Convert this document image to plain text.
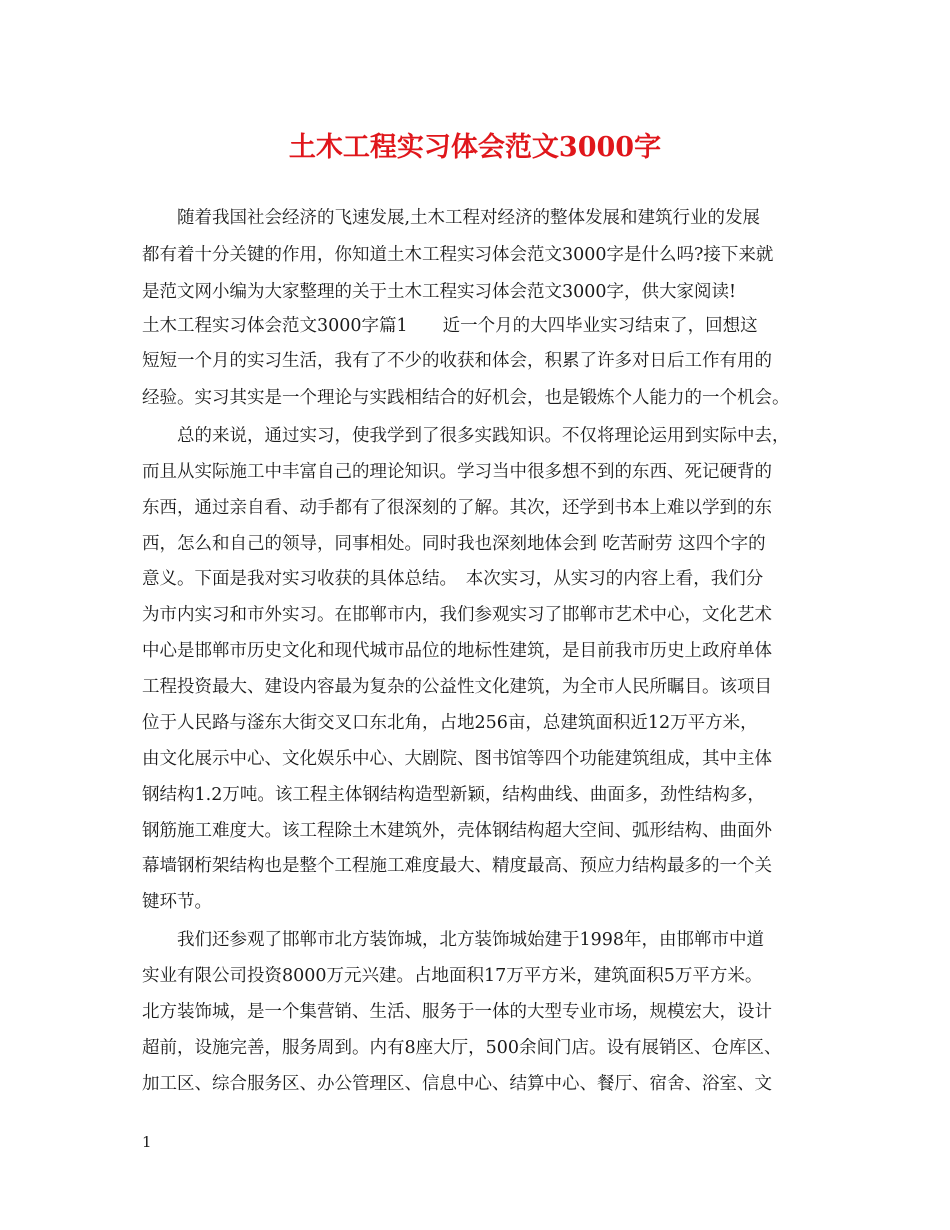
土木工程实习体会范文3000字

随着我国社会经济的飞速发展,土木工程对经济的整体发展和建筑行业的发展

都有着十分关键的作用，你知道土木工程实习体会范文3000字是什么吗?接下来就

是范文网小编为大家整理的关于土木工程实习体会范文3000字，供大家阅读!

土木工程实习体会范文3000字篇1　　近一个月的大四毕业实习结束了，回想这

短短一个月的实习生活，我有了不少的收获和体会，积累了许多对日后工作有用的

经验。实习其实是一个理论与实践相结合的好机会，也是锻炼个人能力的一个机会。

总的来说，通过实习，使我学到了很多实践知识。不仅将理论运用到实际中去，

而且从实际施工中丰富自己的理论知识。学习当中很多想不到的东西、死记硬背的

东西，通过亲自看、动手都有了很深刻的了解。其次，还学到书本上难以学到的东

西，怎么和自己的领导，同事相处。同时我也深刻地体会到 吃苦耐劳 这四个字的

意义。下面是我对实习收获的具体总结。　本次实习，从实习的内容上看，我们分

为市内实习和市外实习。在邯郸市内，我们参观实习了邯郸市艺术中心，文化艺术

中心是邯郸市历史文化和现代城市品位的地标性建筑，是目前我市历史上政府单体

工程投资最大、建设内容最为复杂的公益性文化建筑，为全市人民所瞩目。该项目

位于人民路与滏东大街交叉口东北角，占地256亩，总建筑面积近12万平方米，

由文化展示中心、文化娱乐中心、大剧院、图书馆等四个功能建筑组成，其中主体

钢结构1.2万吨。该工程主体钢结构造型新颖，结构曲线、曲面多，劲性结构多，

钢筋施工难度大。该工程除土木建筑外，壳体钢结构超大空间、弧形结构、曲面外

幕墙钢桁架结构也是整个工程施工难度最大、精度最高、预应力结构最多的一个关

键环节。

我们还参观了邯郸市北方装饰城，北方装饰城始建于1998年，由邯郸市中道

实业有限公司投资8000万元兴建。占地面积17万平方米，建筑面积5万平方米。

北方装饰城，是一个集营销、生活、服务于一体的大型专业市场，规模宏大，设计

超前，设施完善，服务周到。内有8座大厅，500余间门店。设有展销区、仓库区、

加工区、综合服务区、办公管理区、信息中心、结算中心、餐厅、宿舍、浴室、文

1
